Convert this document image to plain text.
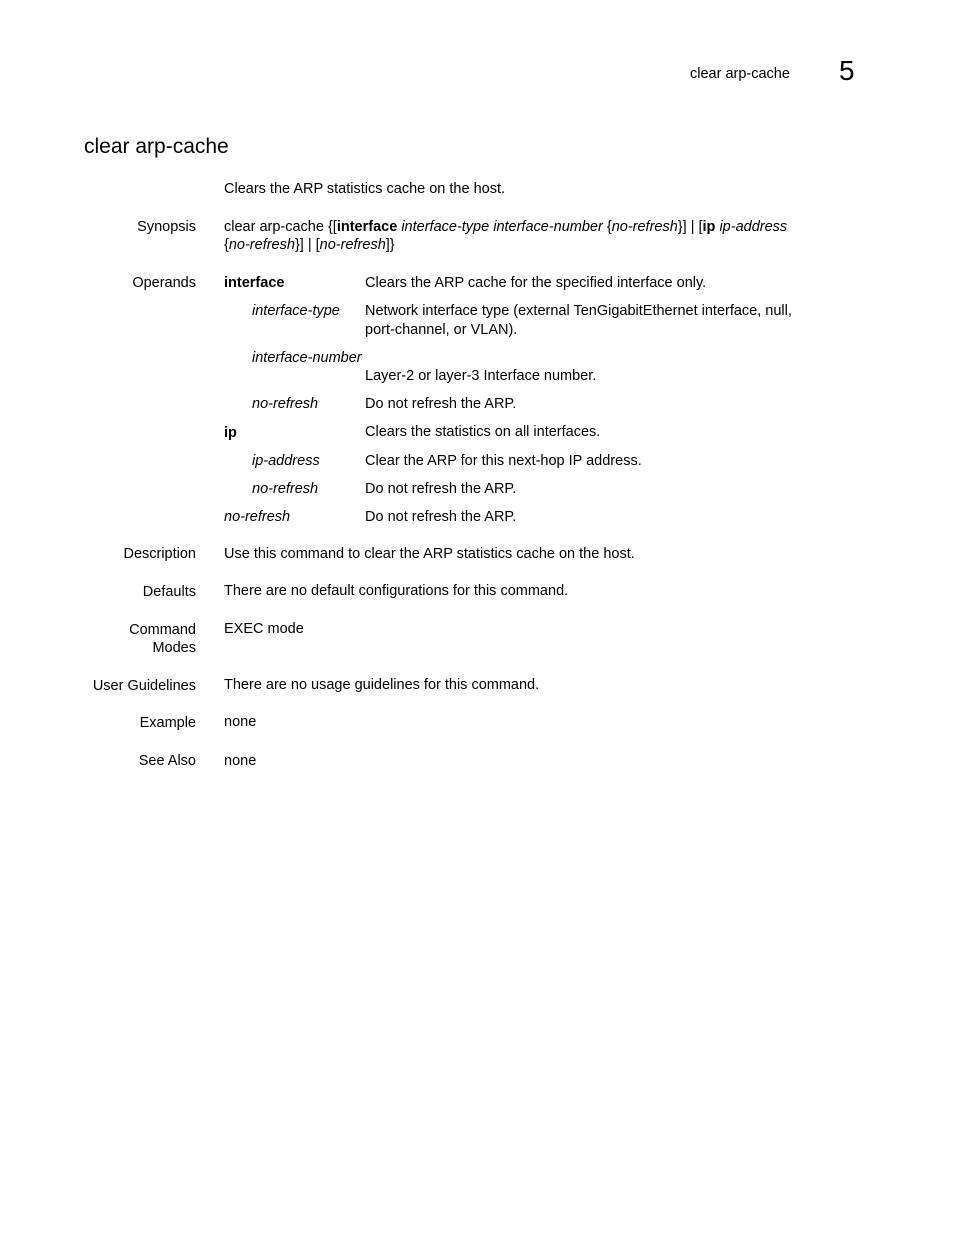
clear arp-cache 5
clear arp-cache
Clears the ARP statistics cache on the host.
Synopsis clear arp-cache {[interface interface-type interface-number {no-refresh}] | [ip ip-address
{no-refresh}] | [no-refresh]}
Operands interface	Clears the ARP cache for the specified interface only.
interface-type Network interface type (external TenGigabitEthernet interface, null,
port-channel, or VLAN).
interface-number
Layer-2 or layer-3 Interface number.
no-refresh	Do not refresh the ARP.
ip	Clears the statistics on all interfaces.
ip-address	Clear the ARP for this next-hop IP address.
no-refresh	Do not refresh the ARP.
no-refresh	Do not refresh the ARP.
Description Use this command to clear the ARP statistics cache on the host.
Defaults There are no default configurations for this command.
Command
Modes
EXEC mode
User Guidelines There are no usage guidelines for this command.
Example none
See Also none
